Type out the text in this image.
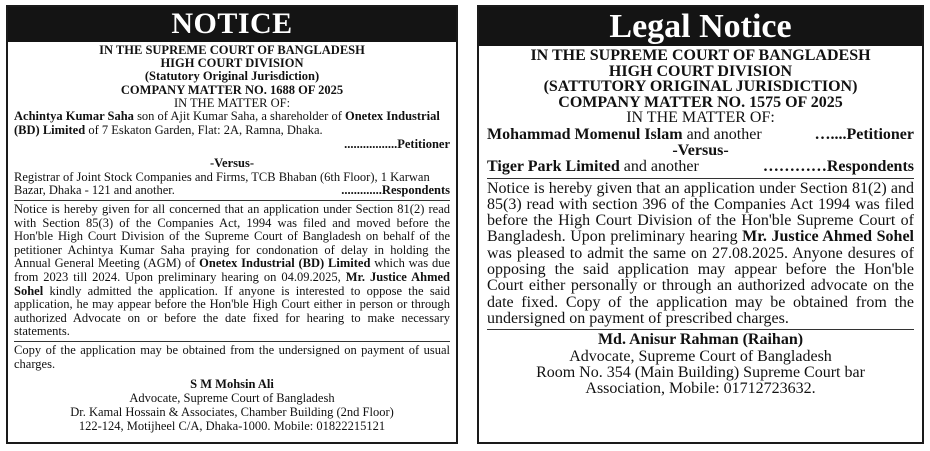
NOTICE
IN THE SUPREME COURT OF BANGLADESH
HIGH COURT DIVISION
(Statutory Original Jurisdiction)
COMPANY MATTER NO. 1688 OF 2025
IN THE MATTER OF:

Achintya Kumar Saha son of Ajit Kumar Saha, a shareholder of Onetex Industrial (BD) Limited of 7 Eskaton Garden, Flat: 2A, Ramna, Dhaka.

.................Petitioner
-Versus-

Registrar of Joint Stock Companies and Firms, TCB Bhaban (6th Floor), 1 Karwan Bazar, Dhaka - 121 and another.	.............Respondents

Notice is hereby given for all concerned that an application under Section 81(2) read with Section 85(3) of the Companies Act, 1994 was filed and moved before the Hon'ble High Court Division of the Supreme Court of Bangladesh on behalf of the petitioner Achintya Kumar Saha praying for condonation of delay in holding the Annual General Meeting (AGM) of Onetex Industrial (BD) Limited which was due from 2023 till 2024. Upon preliminary hearing on 04.09.2025, Mr. Justice Ahmed Sohel kindly admitted the application. If anyone is interested to oppose the said application, he may appear before the Hon'ble High Court either in person or through authorized Advocate on or before the date fixed for hearing to make necessary statements.

Copy of the application may be obtained from the undersigned on payment of usual charges.

S M Mohsin Ali
Advocate, Supreme Court of Bangladesh
Dr. Kamal Hossain & Associates, Chamber Building (2nd Floor)
122-124, Motijheel C/A, Dhaka-1000. Mobile: 01822215121
Legal Notice
IN THE SUPREME COURT OF BANGLADESH
HIGH COURT DIVISION
(SATTUTORY ORIGINAL JURISDICTION)
COMPANY MATTER NO. 1575 OF 2025
IN THE MATTER OF:
Mohammad Momenul Islam and another	…....Petitioner
-Versus-
Tiger Park Limited and another	…………Respondents

Notice is hereby given that an application under Section 81(2) and 85(3) read with section 396 of the Companies Act 1994 was filed before the High Court Division of the Hon'ble Supreme Court of Bangladesh. Upon preliminary hearing Mr. Justice Ahmed Sohel was pleased to admit the same on 27.08.2025. Anyone desures of opposing the said application may appear before the Hon'ble Court either personally or through an authorized advocate on the date fixed. Copy of the application may be obtained from the undersigned on payment of prescribed charges.

Md. Anisur Rahman (Raihan)
Advocate, Supreme Court of Bangladesh
Room No. 354 (Main Building) Supreme Court bar
Association, Mobile: 01712723632.
